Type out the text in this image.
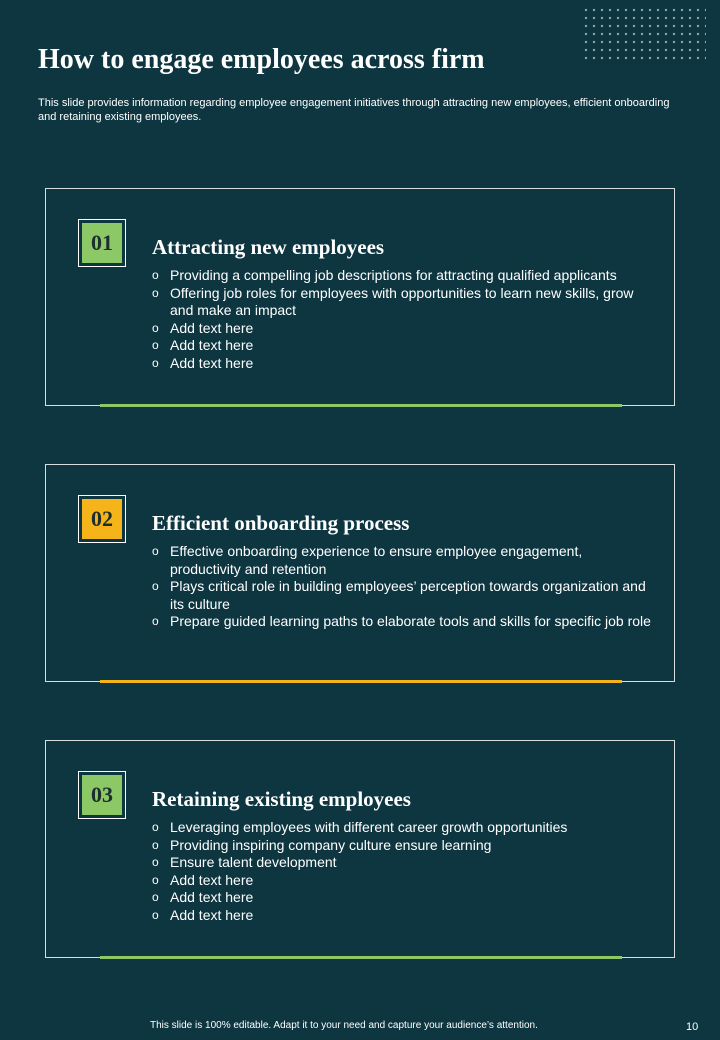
How to engage employees across firm

This slide provides information regarding employee engagement initiatives through attracting new employees, efficient onboarding and retaining existing employees.

01	Attracting new employees
o Providing a compelling job descriptions for attracting qualified applicants
o Offering job roles for employees with opportunities to learn new skills, grow and make an impact
o Add text here
o Add text here
o Add text here
02	Efficient onboarding process
o Effective onboarding experience to ensure employee engagement, productivity and retention
o Plays critical role in building employees’ perception towards organization and its culture
o Prepare guided learning paths to elaborate tools and skills for specific job role
03	Retaining existing employees
o Leveraging employees with different career growth opportunities
o Providing inspiring company culture ensure learning
o Ensure talent development
o Add text here
o Add text here
o Add text here

This slide is 100% editable. Adapt it to your need and capture your audience’s attention.	10
